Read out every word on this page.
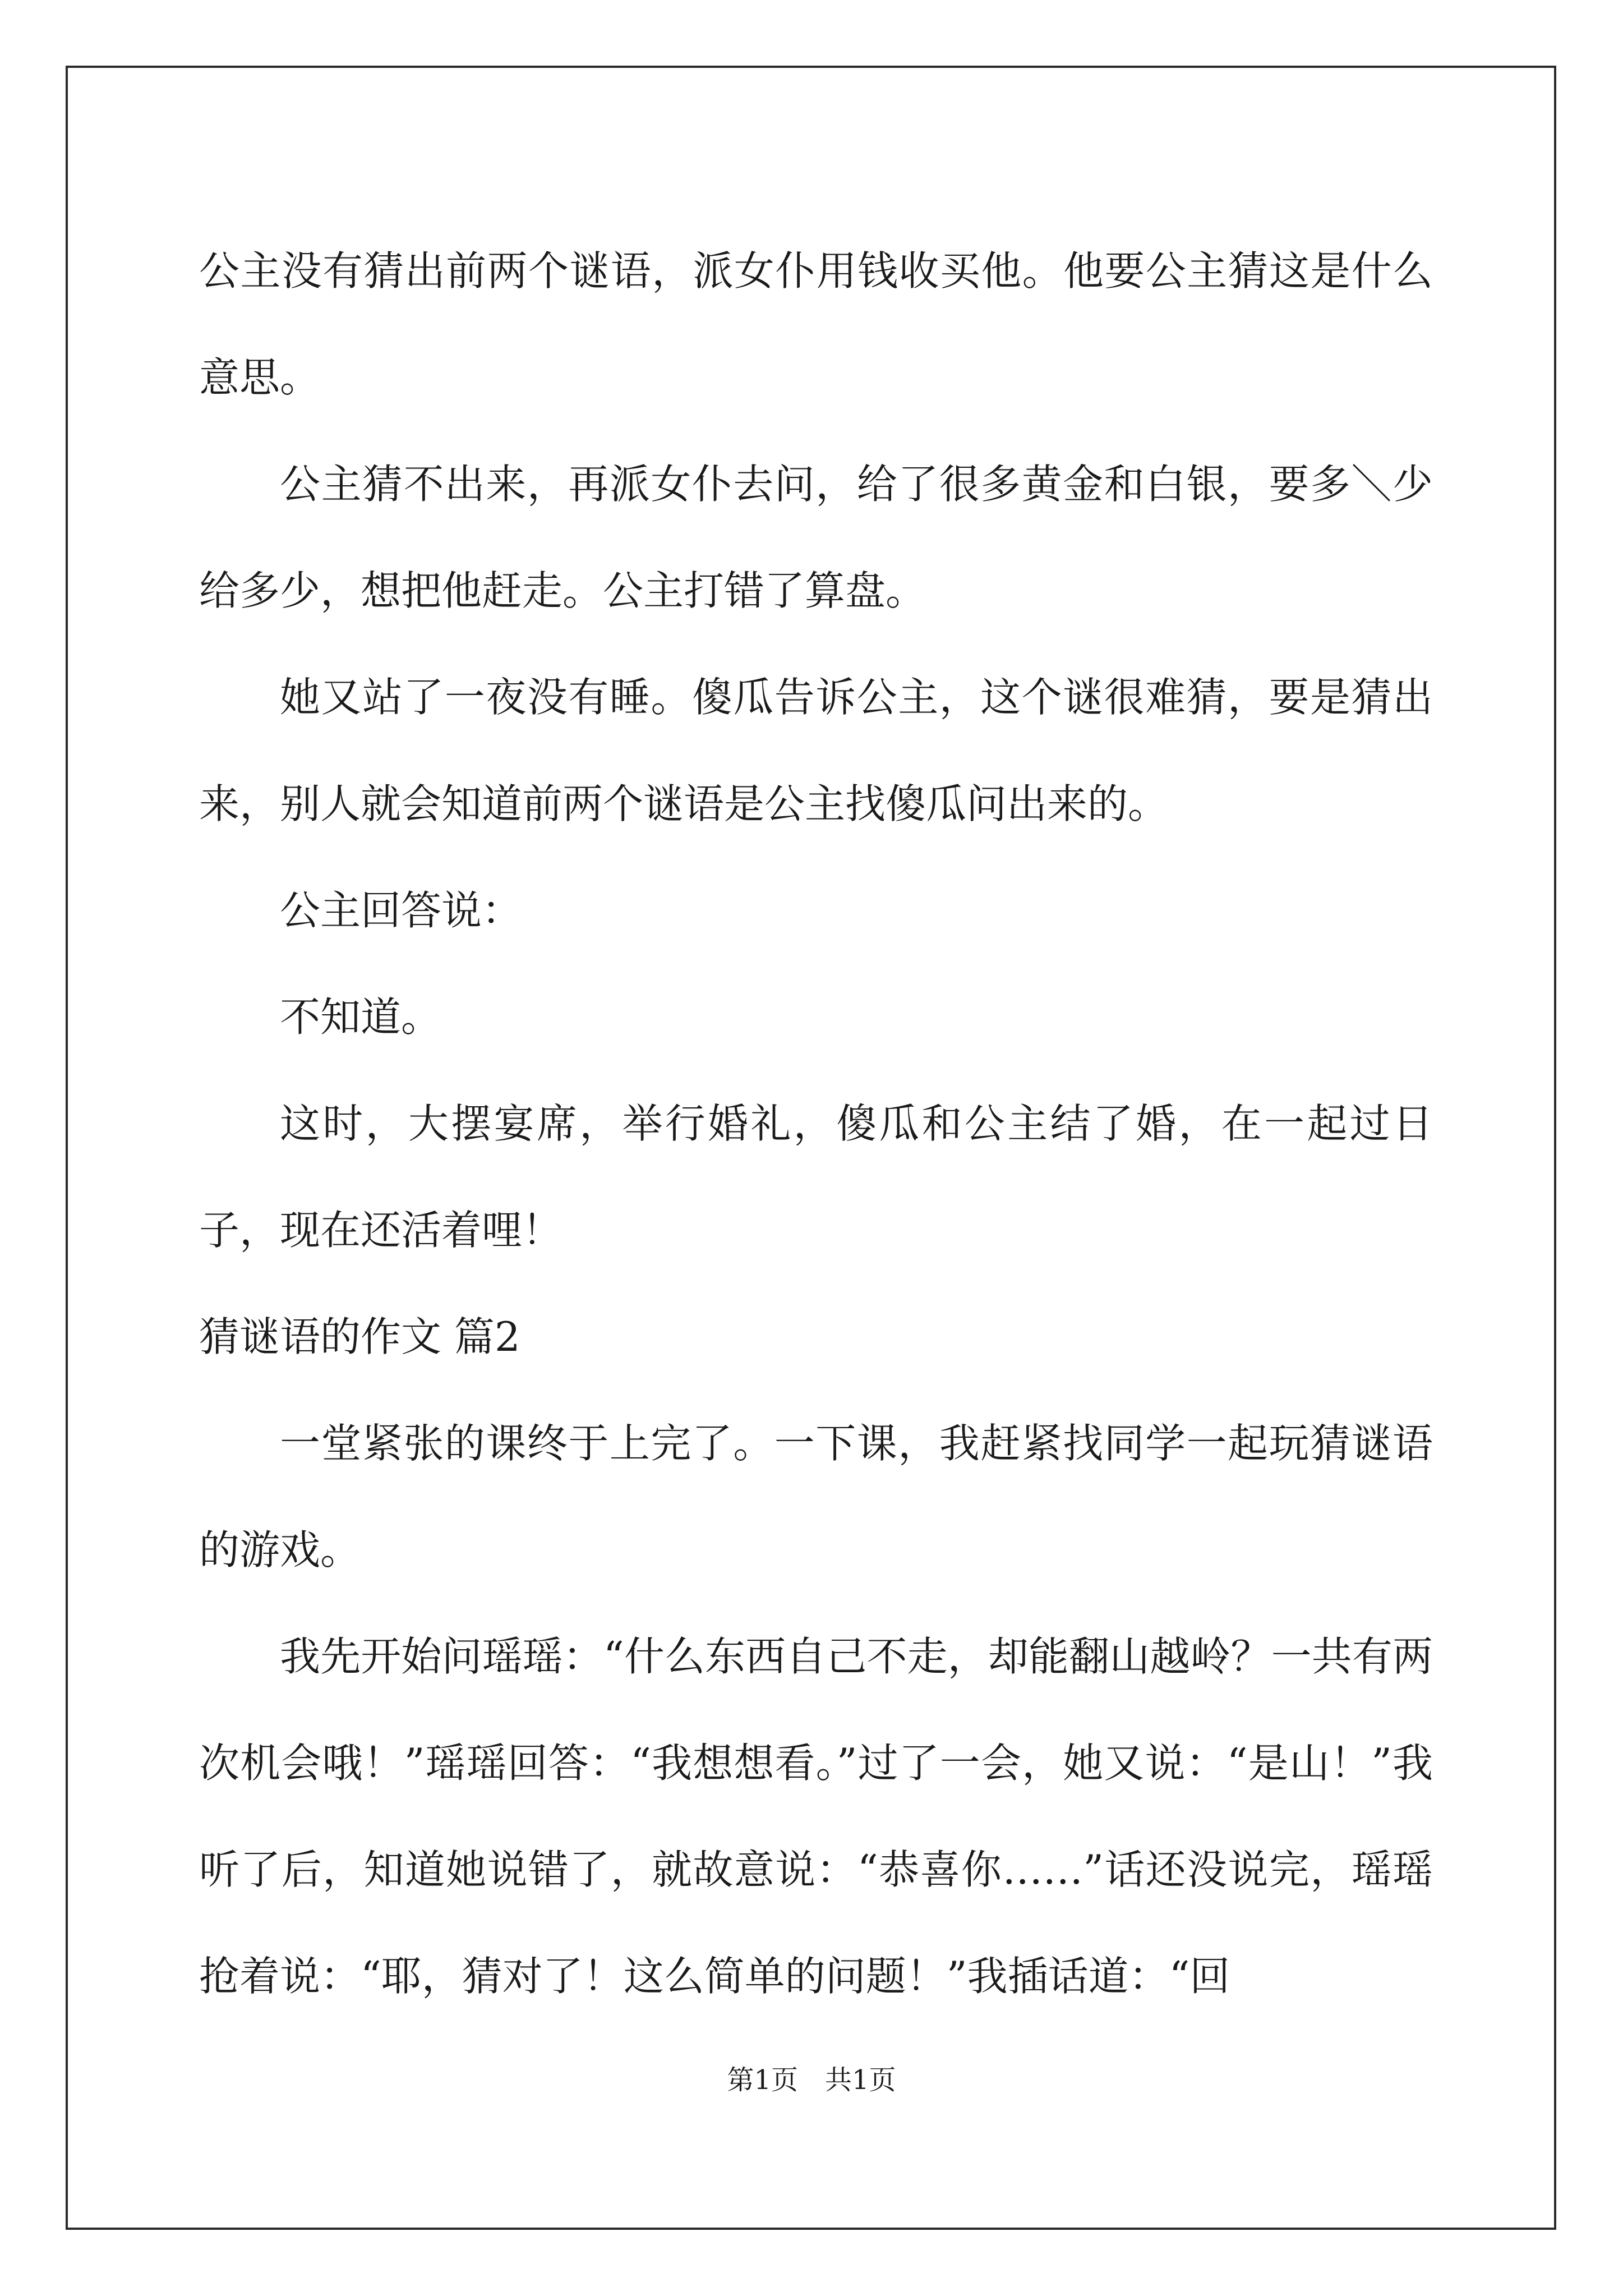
公主没有猜出前两个谜语，派女仆用钱收买他。他要公主猜这是什么意思。

公主猜不出来，再派女仆去问，给了很多黄金和白银，要多＼少给多少，想把他赶走。公主打错了算盘。

她又站了一夜没有睡。傻瓜告诉公主，这个谜很难猜，要是猜出来，别人就会知道前两个谜语是公主找傻瓜问出来的。

公主回答说：

不知道。

这时，大摆宴席，举行婚礼，傻瓜和公主结了婚，在一起过日子，现在还活着哩！

猜谜语的作文 篇2

一堂紧张的课终于上完了。一下课，我赶紧找同学一起玩猜谜语的游戏。

我先开始问瑶瑶：“什么东西自己不走，却能翻山越岭？一共有两次机会哦！”瑶瑶回答：“我想想看。”过了一会，她又说：“是山！”我听了后，知道她说错了，就故意说：“恭喜你……”话还没说完，瑶瑶抢着说：“耶，猜对了！这么简单的问题！”我插话道：“回

第1页　共1页
